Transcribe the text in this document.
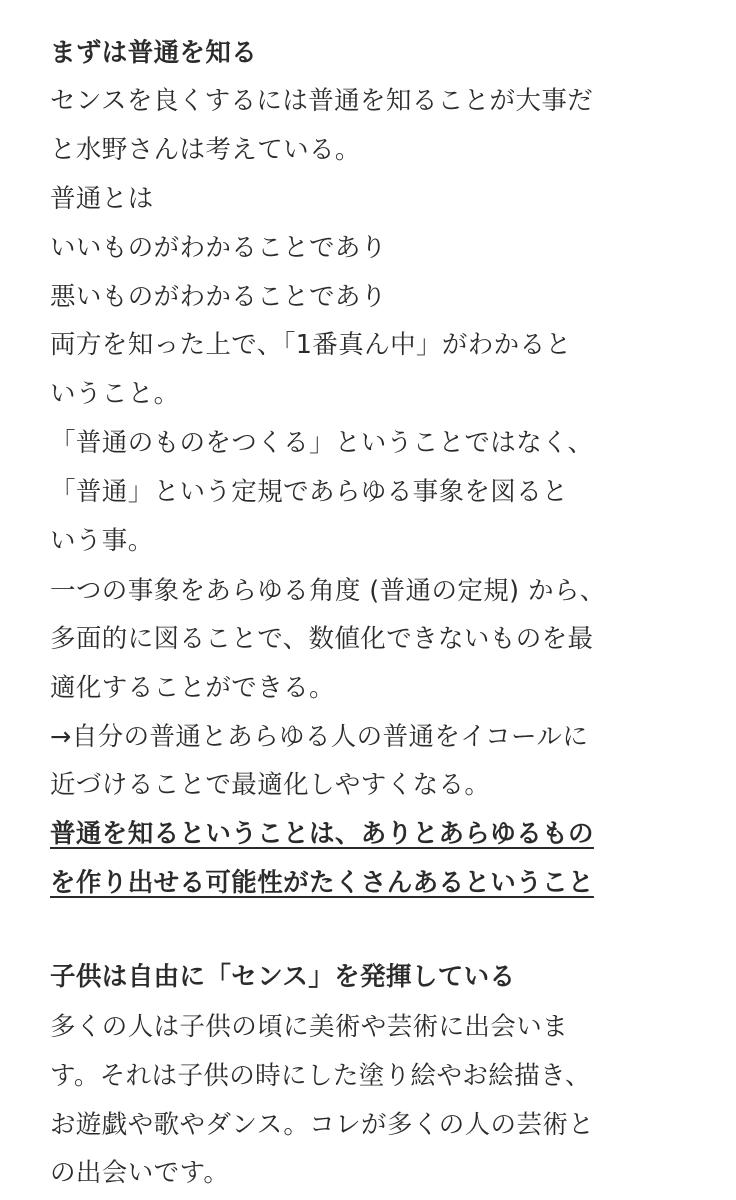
まずは普通を知る
センスを良くするには普通を知ることが大事だ
と水野さんは考えている。
普通とは
いいものがわかることであり
悪いものがわかることであり
両方を知った上で、「1番真ん中」がわかると
いうこと。
「普通のものをつくる」ということではなく、
「普通」という定規であらゆる事象を図ると
いう事。
一つの事象をあらゆる角度 (普通の定規) から、
多面的に図ることで、数値化できないものを最
適化することができる。
→自分の普通とあらゆる人の普通をイコールに
近づけることで最適化しやすくなる。
普通を知るということは、ありとあらゆるもの
を作り出せる可能性がたくさんあるということ
子供は自由に「センス」を発揮している
多くの人は子供の頃に美術や芸術に出会いま
す。それは子供の時にした塗り絵やお絵描き、
お遊戯や歌やダンス。コレが多くの人の芸術と
の出会いです。
